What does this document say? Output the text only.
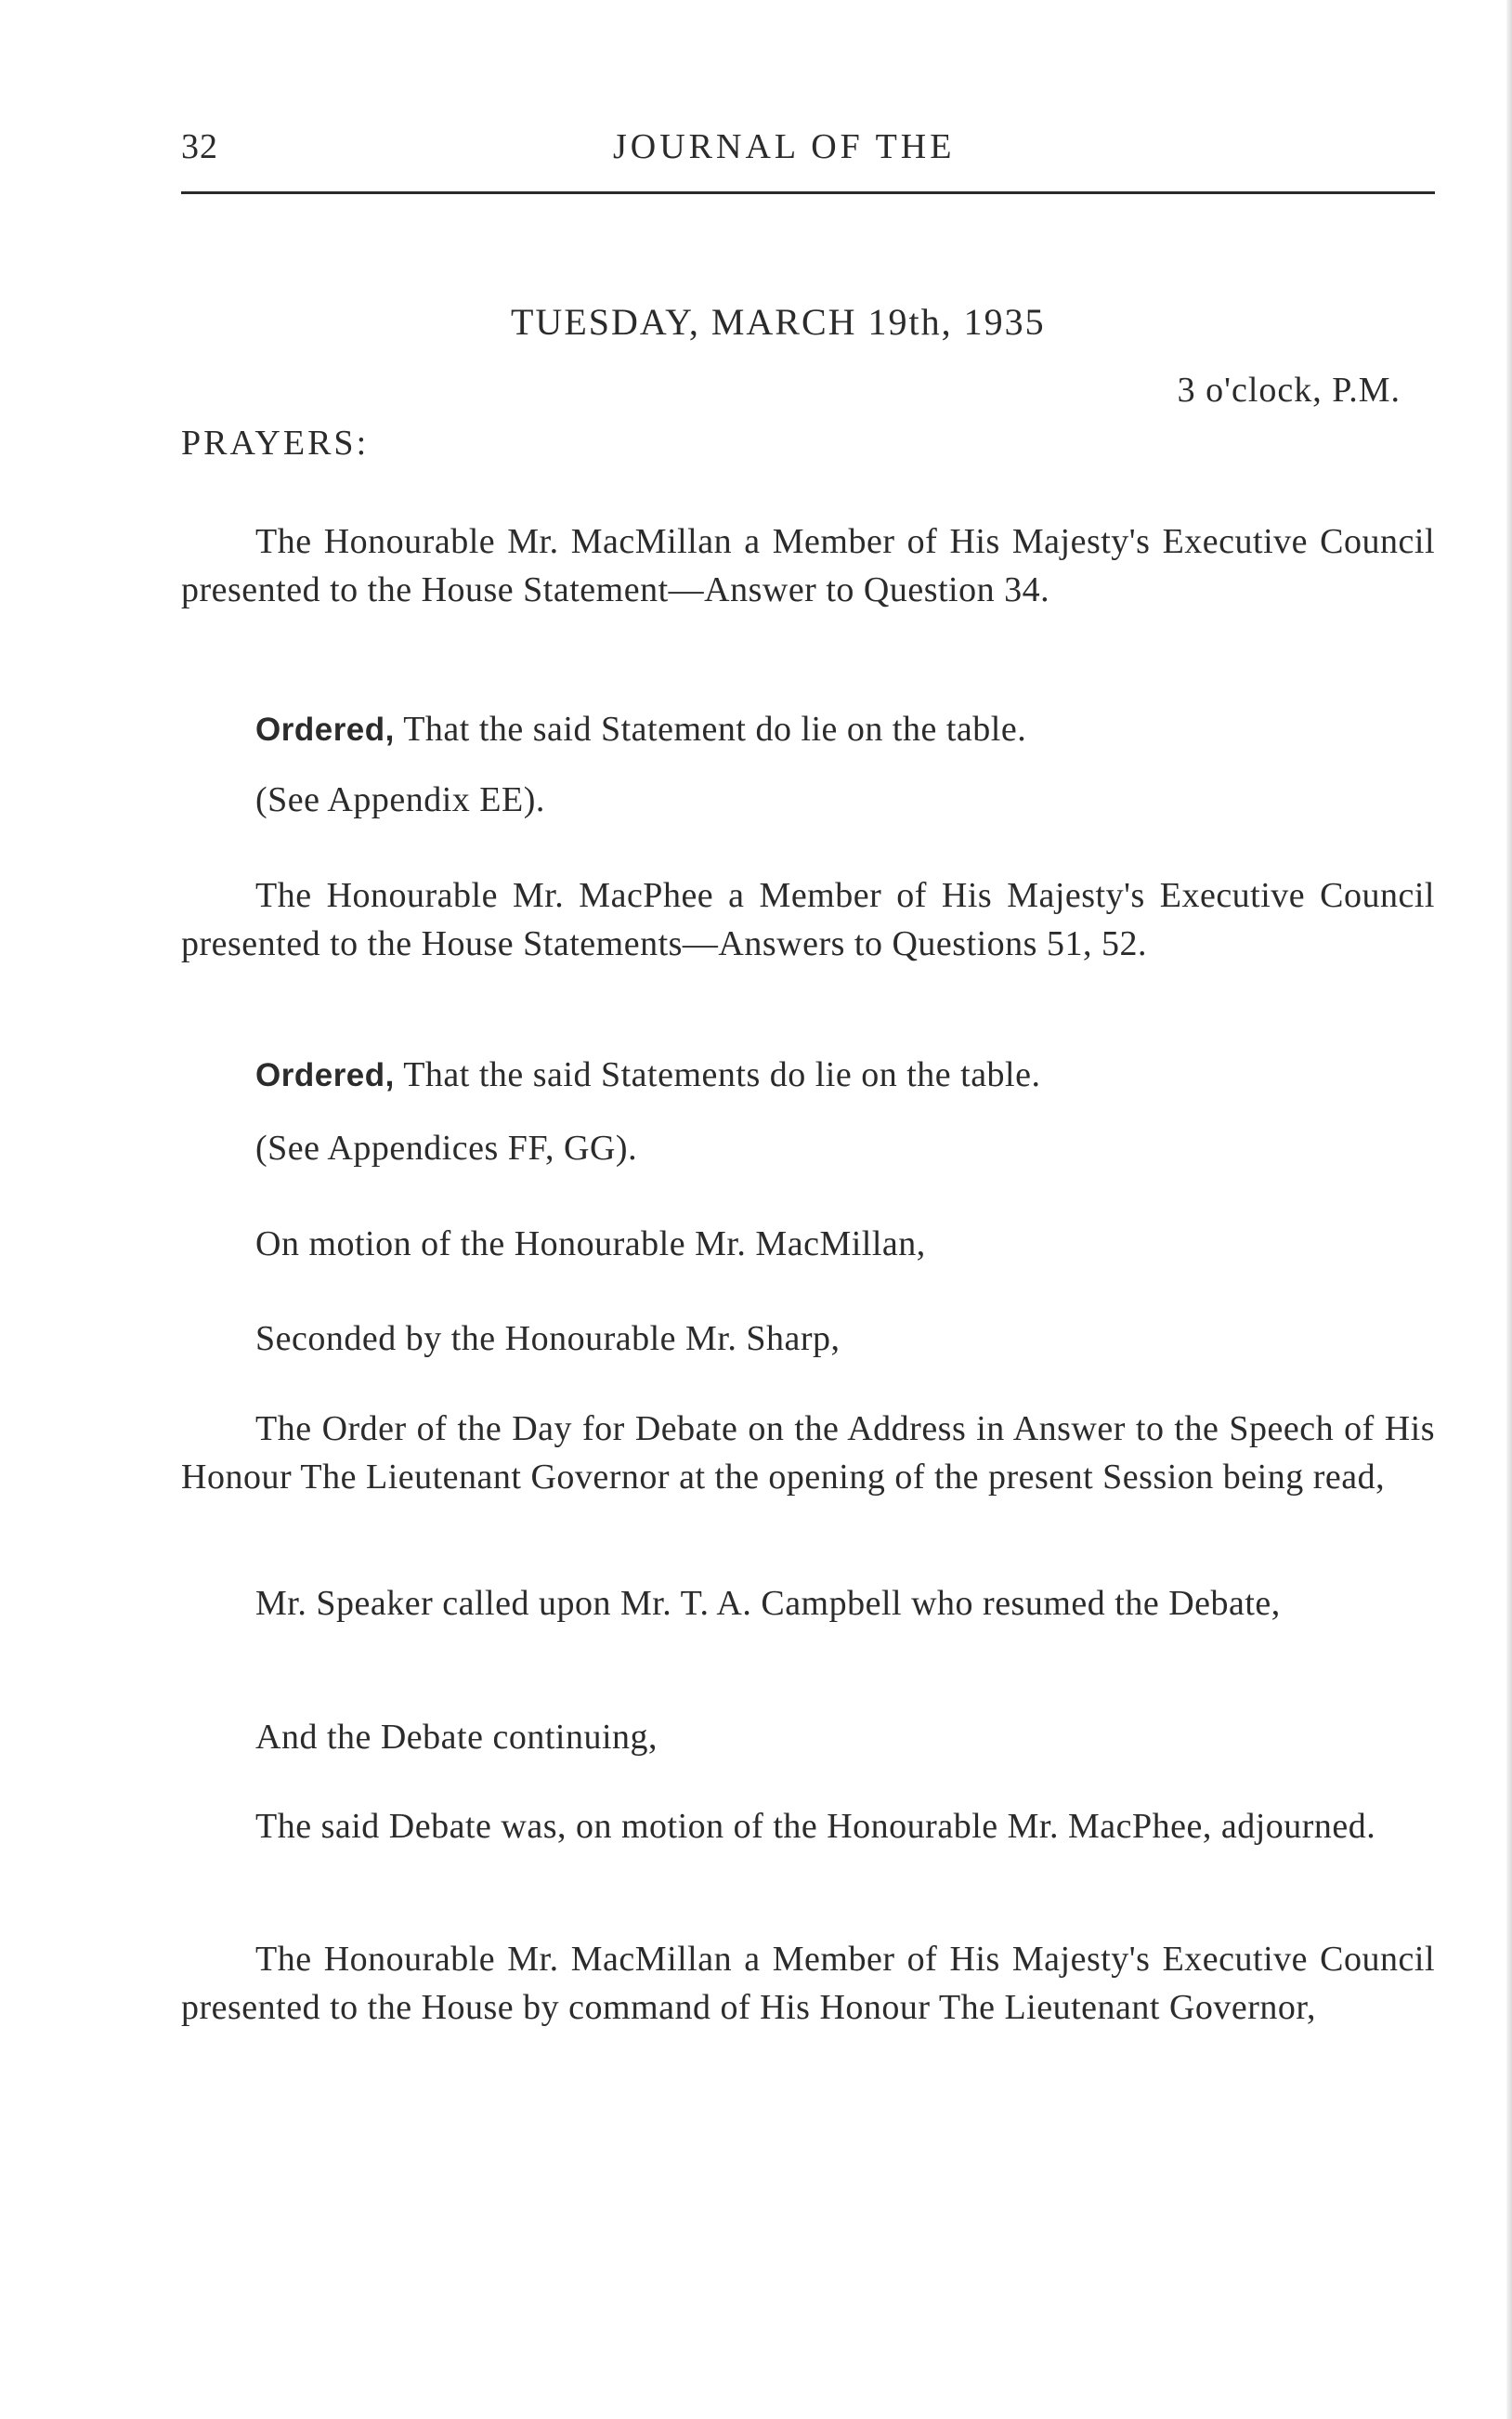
32	JOURNAL OF THE
TUESDAY, MARCH 19th, 1935
3 o'clock, P.M.
PRAYERS:
The Honourable Mr. MacMillan a Member of His Majesty's Executive Council presented to the House Statement—Answer to Question 34.
Ordered, That the said Statement do lie on the table.
(See Appendix EE).
The Honourable Mr. MacPhee a Member of His Majesty's Executive Council presented to the House Statements—Answers to Questions 51, 52.
Ordered, That the said Statements do lie on the table.
(See Appendices FF, GG).
On motion of the Honourable Mr. MacMillan,
Seconded by the Honourable Mr. Sharp,
The Order of the Day for Debate on the Address in Answer to the Speech of His Honour The Lieutenant Governor at the opening of the present Session being read,
Mr. Speaker called upon Mr. T. A. Campbell who resumed the Debate,
And the Debate continuing,
The said Debate was, on motion of the Honourable Mr. MacPhee, adjourned.
The Honourable Mr. MacMillan a Member of His Majesty's Executive Council presented to the House by command of His Honour The Lieutenant Governor,
